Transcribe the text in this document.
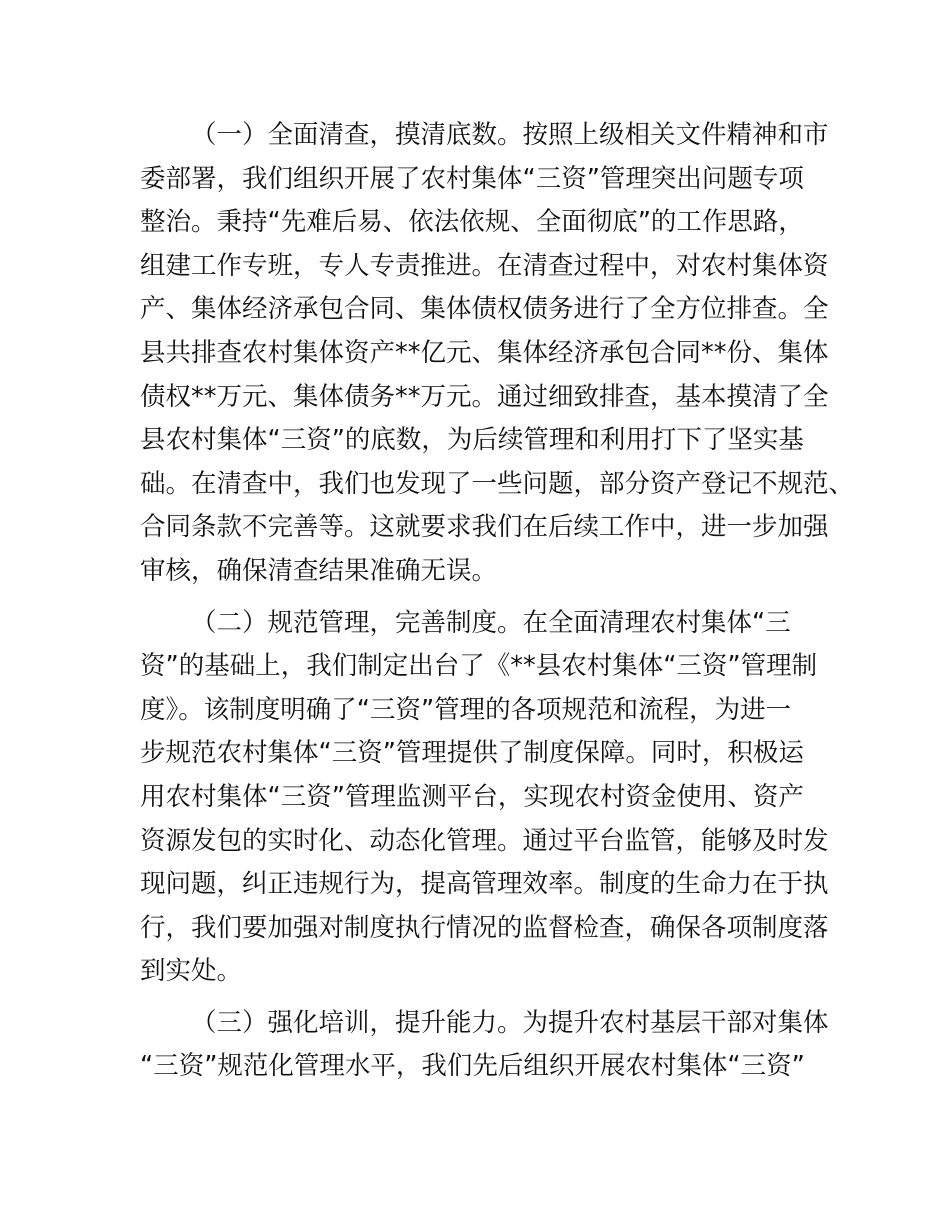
（一）全面清查，摸清底数。按照上级相关文件精神和市
委部署，我们组织开展了农村集体“三资”管理突出问题专项
整治。秉持“先难后易、依法依规、全面彻底”的工作思路，
组建工作专班，专人专责推进。在清查过程中，对农村集体资
产、集体经济承包合同、集体债权债务进行了全方位排查。全
县共排查农村集体资产**亿元、集体经济承包合同**份、集体
债权**万元、集体债务**万元。通过细致排查，基本摸清了全
县农村集体“三资”的底数，为后续管理和利用打下了坚实基
础。在清查中，我们也发现了一些问题，部分资产登记不规范、
合同条款不完善等。这就要求我们在后续工作中，进一步加强
审核，确保清查结果准确无误。

（二）规范管理，完善制度。在全面清理农村集体“三
资”的基础上，我们制定出台了《**县农村集体“三资”管理制
度》。该制度明确了“三资”管理的各项规范和流程，为进一
步规范农村集体“三资”管理提供了制度保障。同时，积极运
用农村集体“三资”管理监测平台，实现农村资金使用、资产
资源发包的实时化、动态化管理。通过平台监管，能够及时发
现问题，纠正违规行为，提高管理效率。制度的生命力在于执
行，我们要加强对制度执行情况的监督检查，确保各项制度落
到实处。

（三）强化培训，提升能力。为提升农村基层干部对集体
“三资”规范化管理水平，我们先后组织开展农村集体“三资”
